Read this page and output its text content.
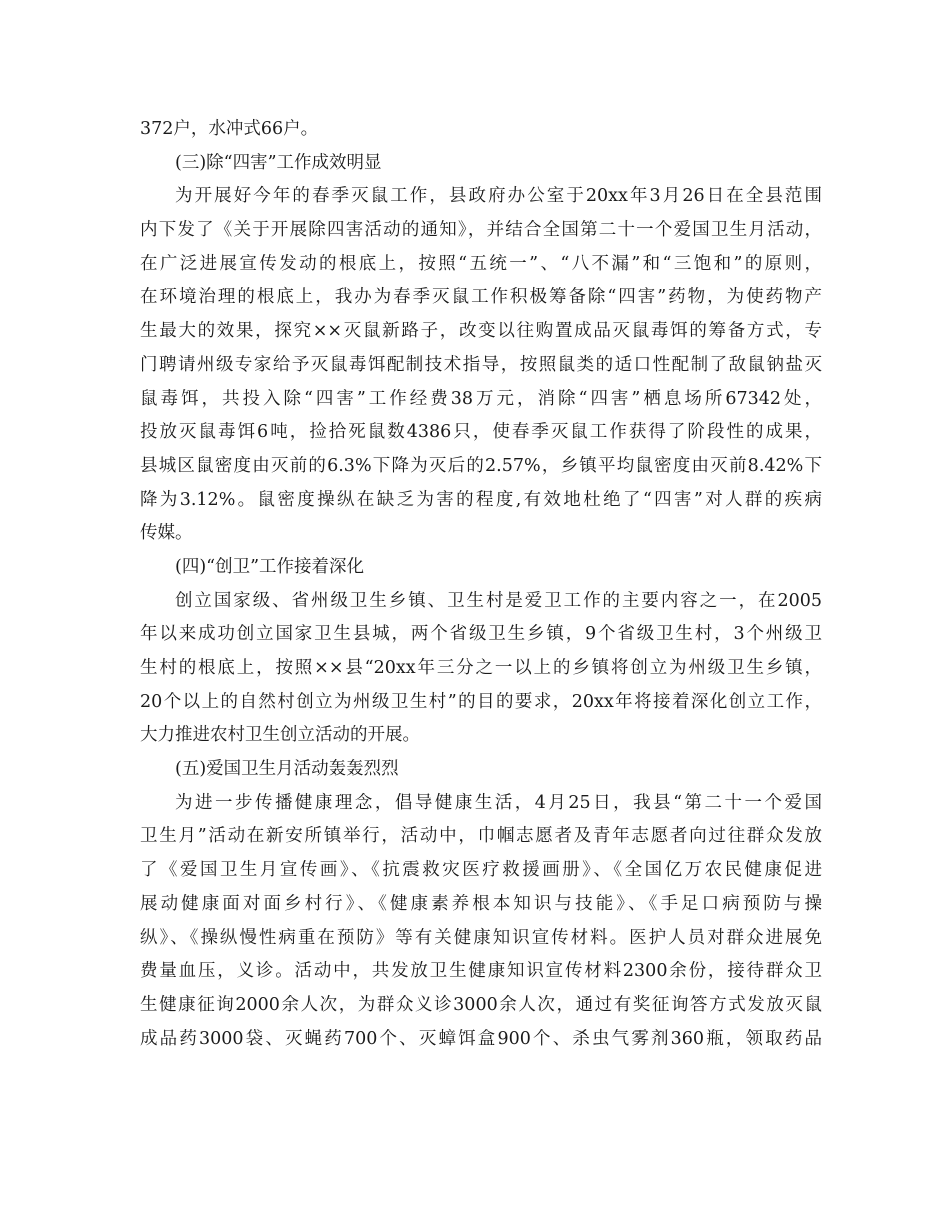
372户，水冲式66户。
(三)除“四害”工作成效明显
为开展好今年的春季灭鼠工作，县政府办公室于20xx年3月26日在全县范围
内下发了《关于开展除四害活动的通知》，并结合全国第二十一个爱国卫生月活动，
在广泛进展宣传发动的根底上，按照“五统一”、“八不漏”和“三饱和”的原则，
在环境治理的根底上，我办为春季灭鼠工作积极筹备除“四害”药物，为使药物产
生最大的效果，探究××灭鼠新路子，改变以往购置成品灭鼠毒饵的筹备方式，专
门聘请州级专家给予灭鼠毒饵配制技术指导，按照鼠类的适口性配制了敌鼠钠盐灭
鼠毒饵，共投入除“四害”工作经费38万元，消除“四害”栖息场所67342处，
投放灭鼠毒饵6吨，捡拾死鼠数4386只，使春季灭鼠工作获得了阶段性的成果，
县城区鼠密度由灭前的6.3%下降为灭后的2.57%，乡镇平均鼠密度由灭前8.42%下
降为3.12%。鼠密度操纵在缺乏为害的程度,有效地杜绝了“四害”对人群的疾病
传媒。
(四)“创卫”工作接着深化
创立国家级、省州级卫生乡镇、卫生村是爱卫工作的主要内容之一，在2005
年以来成功创立国家卫生县城，两个省级卫生乡镇，9个省级卫生村，3个州级卫
生村的根底上，按照××县“20xx年三分之一以上的乡镇将创立为州级卫生乡镇，
20个以上的自然村创立为州级卫生村”的目的要求，20xx年将接着深化创立工作，
大力推进农村卫生创立活动的开展。
(五)爱国卫生月活动轰轰烈烈
为进一步传播健康理念，倡导健康生活，4月25日，我县“第二十一个爱国
卫生月”活动在新安所镇举行，活动中，巾帼志愿者及青年志愿者向过往群众发放
了《爱国卫生月宣传画》、《抗震救灾医疗救援画册》、《全国亿万农民健康促进
展动健康面对面乡村行》、《健康素养根本知识与技能》、《手足口病预防与操
纵》、《操纵慢性病重在预防》等有关健康知识宣传材料。医护人员对群众进展免
费量血压，义诊。活动中，共发放卫生健康知识宣传材料2300余份，接待群众卫
生健康征询2000余人次，为群众义诊3000余人次，通过有奖征询答方式发放灭鼠
成品药3000袋、灭蝇药700个、灭蟑饵盒900个、杀虫气雾剂360瓶，领取药品
